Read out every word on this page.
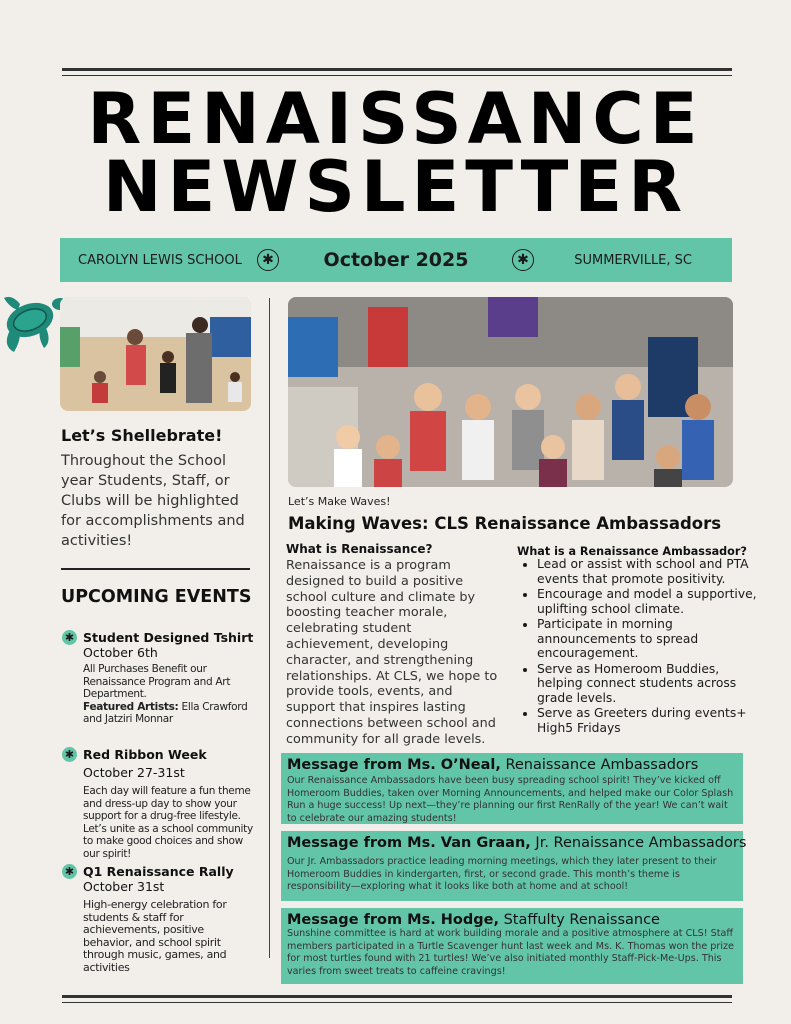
RENAISSANCE
NEWSLETTER
CAROLYN LEWIS SCHOOL	✱	October 2025	✱	SUMMERVILLE, SC
Let’s Shellebrate!
Throughout the School year Students, Staff, or Clubs will be highlighted for accomplishments and activities!
UPCOMING EVENTS
✱ Student Designed Tshirt
October 6th
All Purchases Benefit our Renaissance Program and Art Department.
Featured Artists: Ella Crawford and Jatziri Monnar
✱ Red Ribbon Week
October 27-31st
Each day will feature a fun theme and dress-up day to show your support for a drug-free lifestyle. Let’s unite as a school community to make good choices and show our spirit!
✱ Q1 Renaissance Rally
October 31st
High-energy celebration for students & staff for achievements, positive behavior, and school spirit through music, games, and activities
Let’s Make Waves!
Making Waves: CLS Renaissance Ambassadors
What is Renaissance?
Renaissance is a program designed to build a positive school culture and climate by boosting teacher morale, celebrating student achievement, developing character, and strengthening relationships. At CLS, we hope to provide tools, events, and support that inspires lasting connections between school and community for all grade levels.
What is a Renaissance Ambassador?
• Lead or assist with school and PTA events that promote positivity.
• Encourage and model a supportive, uplifting school climate.
• Participate in morning announcements to spread encouragement.
• Serve as Homeroom Buddies, helping connect students across grade levels.
• Serve as Greeters during events+ High5 Fridays
Message from Ms. O’Neal, Renaissance Ambassadors
Our Renaissance Ambassadors have been busy spreading school spirit! They’ve kicked off Homeroom Buddies, taken over Morning Announcements, and helped make our Color Splash Run a huge success! Up next—they’re planning our first RenRally of the year! We can’t wait to celebrate our amazing students!
Message from Ms. Van Graan, Jr. Renaissance Ambassadors
Our Jr. Ambassadors practice leading morning meetings, which they later present to their Homeroom Buddies in kindergarten, first, or second grade. This month’s theme is responsibility—exploring what it looks like both at home and at school!
Message from Ms. Hodge, Staffulty Renaissance
Sunshine committee is hard at work building morale and a positive atmosphere at CLS! Staff members participated in a Turtle Scavenger hunt last week and Ms. K. Thomas won the prize for most turtles found with 21 turtles! We’ve also initiated monthly Staff-Pick-Me-Ups. This varies from sweet treats to caffeine cravings!
